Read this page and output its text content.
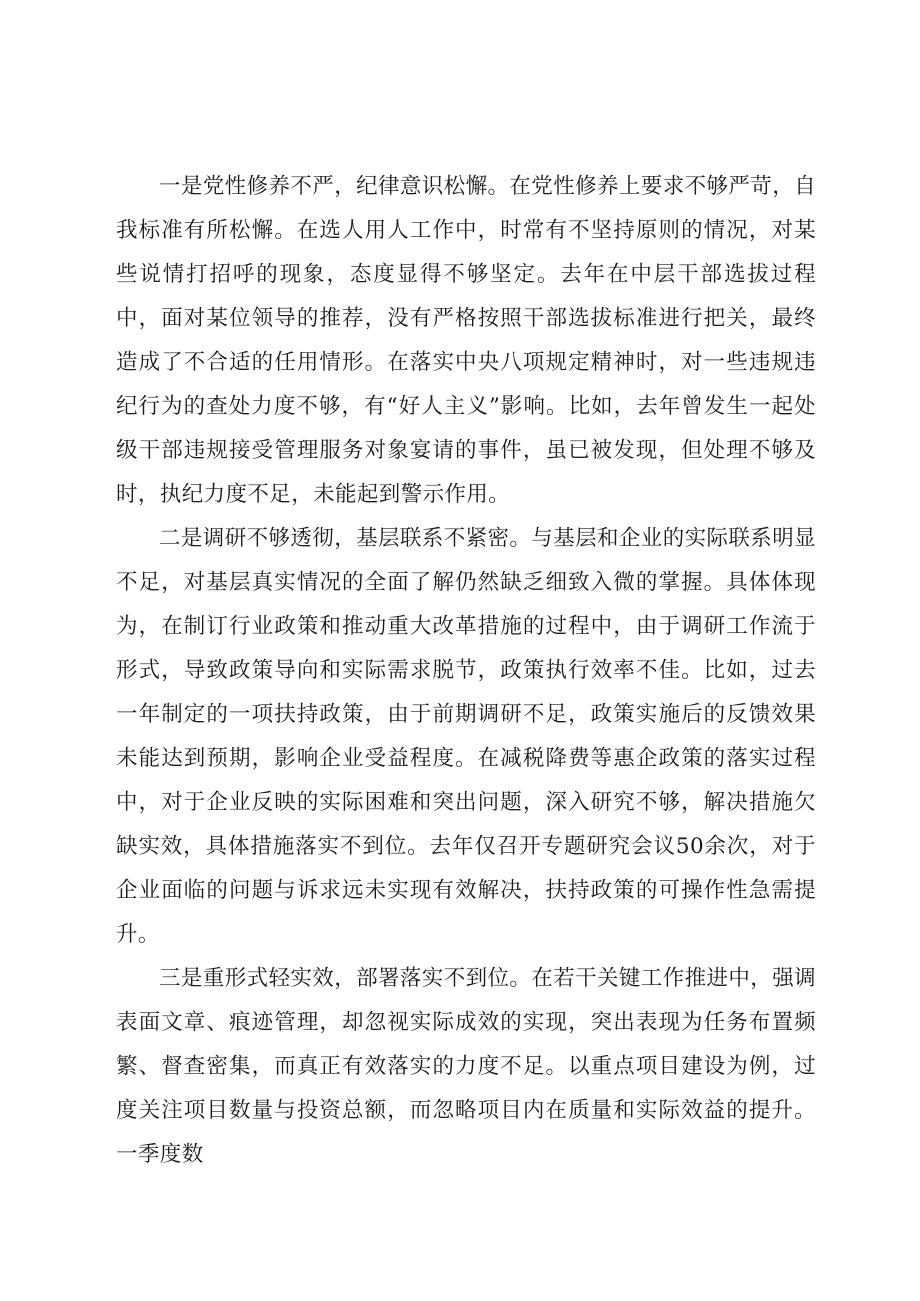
一是党性修养不严，纪律意识松懈。在党性修养上要求不够严苛，自我标准有所松懈。在选人用人工作中，时常有不坚持原则的情况，对某些说情打招呼的现象，态度显得不够坚定。去年在中层干部选拔过程中，面对某位领导的推荐，没有严格按照干部选拔标准进行把关，最终造成了不合适的任用情形。在落实中央八项规定精神时，对一些违规违纪行为的查处力度不够，有“好人主义”影响。比如，去年曾发生一起处级干部违规接受管理服务对象宴请的事件，虽已被发现，但处理不够及时，执纪力度不足，未能起到警示作用。

二是调研不够透彻，基层联系不紧密。与基层和企业的实际联系明显不足，对基层真实情况的全面了解仍然缺乏细致入微的掌握。具体体现为，在制订行业政策和推动重大改革措施的过程中，由于调研工作流于形式，导致政策导向和实际需求脱节，政策执行效率不佳。比如，过去一年制定的一项扶持政策，由于前期调研不足，政策实施后的反馈效果未能达到预期，影响企业受益程度。在减税降费等惠企政策的落实过程中，对于企业反映的实际困难和突出问题，深入研究不够，解决措施欠缺实效，具体措施落实不到位。去年仅召开专题研究会议50余次，对于企业面临的问题与诉求远未实现有效解决，扶持政策的可操作性急需提升。

三是重形式轻实效，部署落实不到位。在若干关键工作推进中，强调表面文章、痕迹管理，却忽视实际成效的实现，突出表现为任务布置频繁、督查密集，而真正有效落实的力度不足。以重点项目建设为例，过度关注项目数量与投资总额，而忽略项目内在质量和实际效益的提升。一季度数
